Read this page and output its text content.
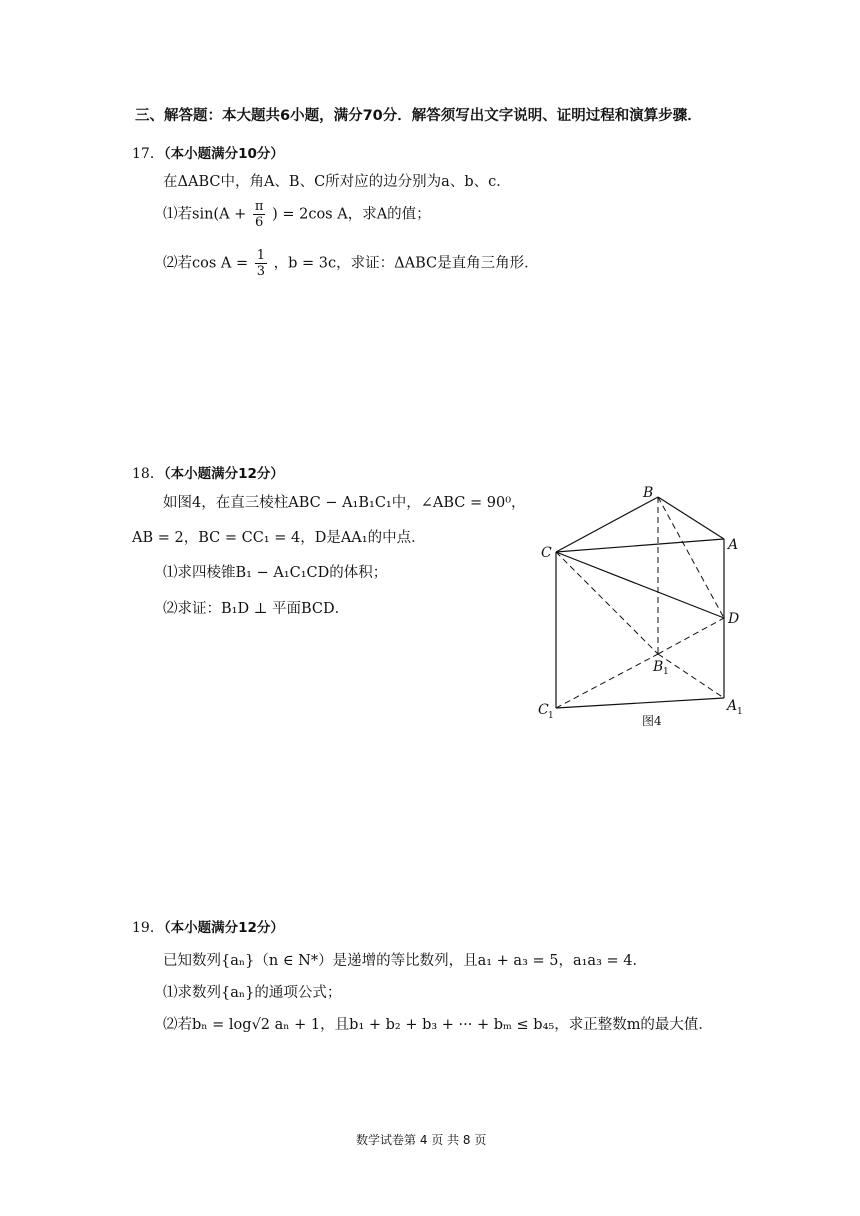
三、解答题：本大题共6小题，满分70分．解答须写出文字说明、证明过程和演算步骤．
17．（本小题满分10分）
在ΔABC中，角A、B、C所对应的边分别为a、b、c．
⑴若$\sin(A + \frac{\pi}{6}$ ) = 2cos A，求A的值；
⑵若$\cos A = \frac{1}{3}$ ，b = 3c，求证：ΔABC是直角三角形．
18．（本小题满分12分）
如图4，在直三棱柱ABC − A₁B₁C₁中，∠ABC = 90⁰，
AB = 2，BC = CC₁ = 4，D是AA₁的中点．
⑴求四棱锥B₁ − A₁C₁CD的体积；
⑵求证：B₁D ⊥ 平面BCD．
B
C	A
D
B 1
C 1
A 1
图4
19．（本小题满分12分）
已知数列{aₙ}（n ∈ N*）是递增的等比数列，且a₁ + a₃ = 5，a₁a₃ = 4．
⑴求数列{aₙ}的通项公式；
⑵若bₙ = log√2 aₙ + 1，且b₁ + b₂ + b₃ + ··· + bₘ ≤ b₄₅，求正整数m的最大值．
数学试卷第 4 页 共 8 页
